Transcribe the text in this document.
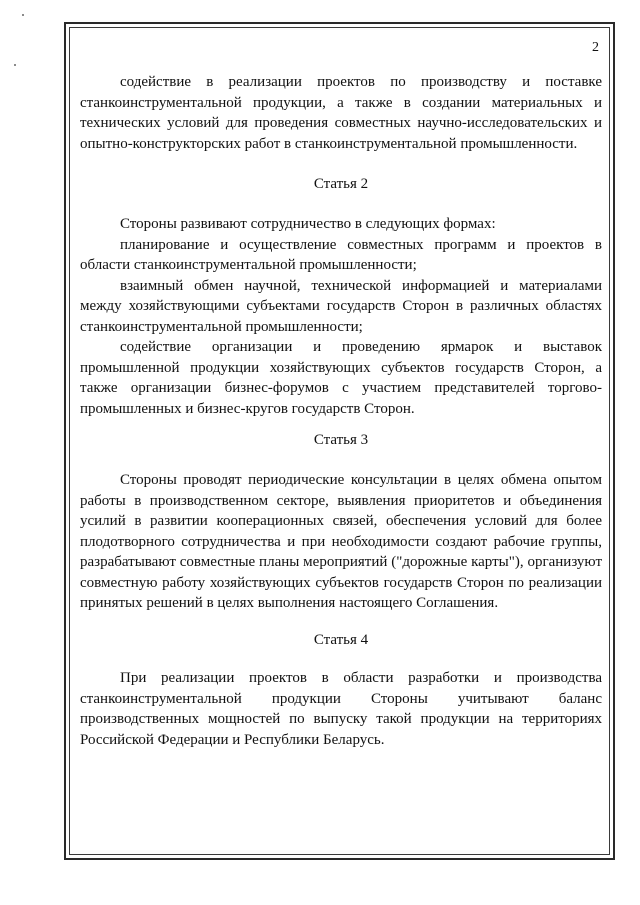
2

содействие в реализации проектов по производству и поставке станкоинструментальной продукции, а также в создании материальных и технических условий для проведения совместных научно-исследовательских и опытно-конструкторских работ в станкоинструментальной промышленности.

Статья 2

Стороны развивают сотрудничество в следующих формах:

планирование и осуществление совместных программ и проектов в области станкоинструментальной промышленности;

взаимный обмен научной, технической информацией и материалами между хозяйствующими субъектами государств Сторон в различных областях станкоинструментальной промышленности;

содействие организации и проведению ярмарок и выставок промышленной продукции хозяйствующих субъектов государств Сторон, а также организации бизнес-форумов с участием представителей торгово-промышленных и бизнес-кругов государств Сторон.

Статья 3

Стороны проводят периодические консультации в целях обмена опытом работы в производственном секторе, выявления приоритетов и объединения усилий в развитии кооперационных связей, обеспечения условий для более плодотворного сотрудничества и при необходимости создают рабочие группы, разрабатывают совместные планы мероприятий ("дорожные карты"), организуют совместную работу хозяйствующих субъектов государств Сторон по реализации принятых решений в целях выполнения настоящего Соглашения.

Статья 4

При реализации проектов в области разработки и производства станкоинструментальной продукции Стороны учитывают баланс производственных мощностей по выпуску такой продукции на территориях Российской Федерации и Республики Беларусь.
